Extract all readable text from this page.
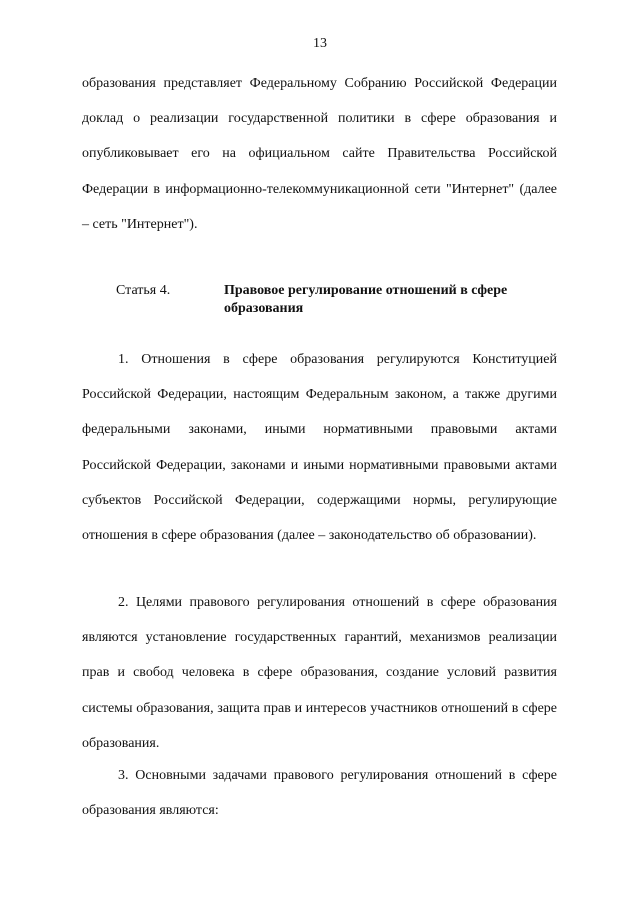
13

образования представляет Федеральному Собранию Российской Федерации доклад о реализации государственной политики в сфере образования и опубликовывает его на официальном сайте Правительства Российской Федерации в информационно-телекоммуникационной сети "Интернет" (далее – сеть "Интернет").

Статья 4.	Правовое регулирование отношений в сфере образования

1. Отношения в сфере образования регулируются Конституцией Российской Федерации, настоящим Федеральным законом, а также другими федеральными законами, иными нормативными правовыми актами Российской Федерации, законами и иными нормативными правовыми актами субъектов Российской Федерации, содержащими нормы, регулирующие отношения в сфере образования (далее – законодательство об образовании).

2. Целями правового регулирования отношений в сфере образования являются установление государственных гарантий, механизмов реализации прав и свобод человека в сфере образования, создание условий развития системы образования, защита прав и интересов участников отношений в сфере образования.

3. Основными задачами правового регулирования отношений в сфере образования являются:
